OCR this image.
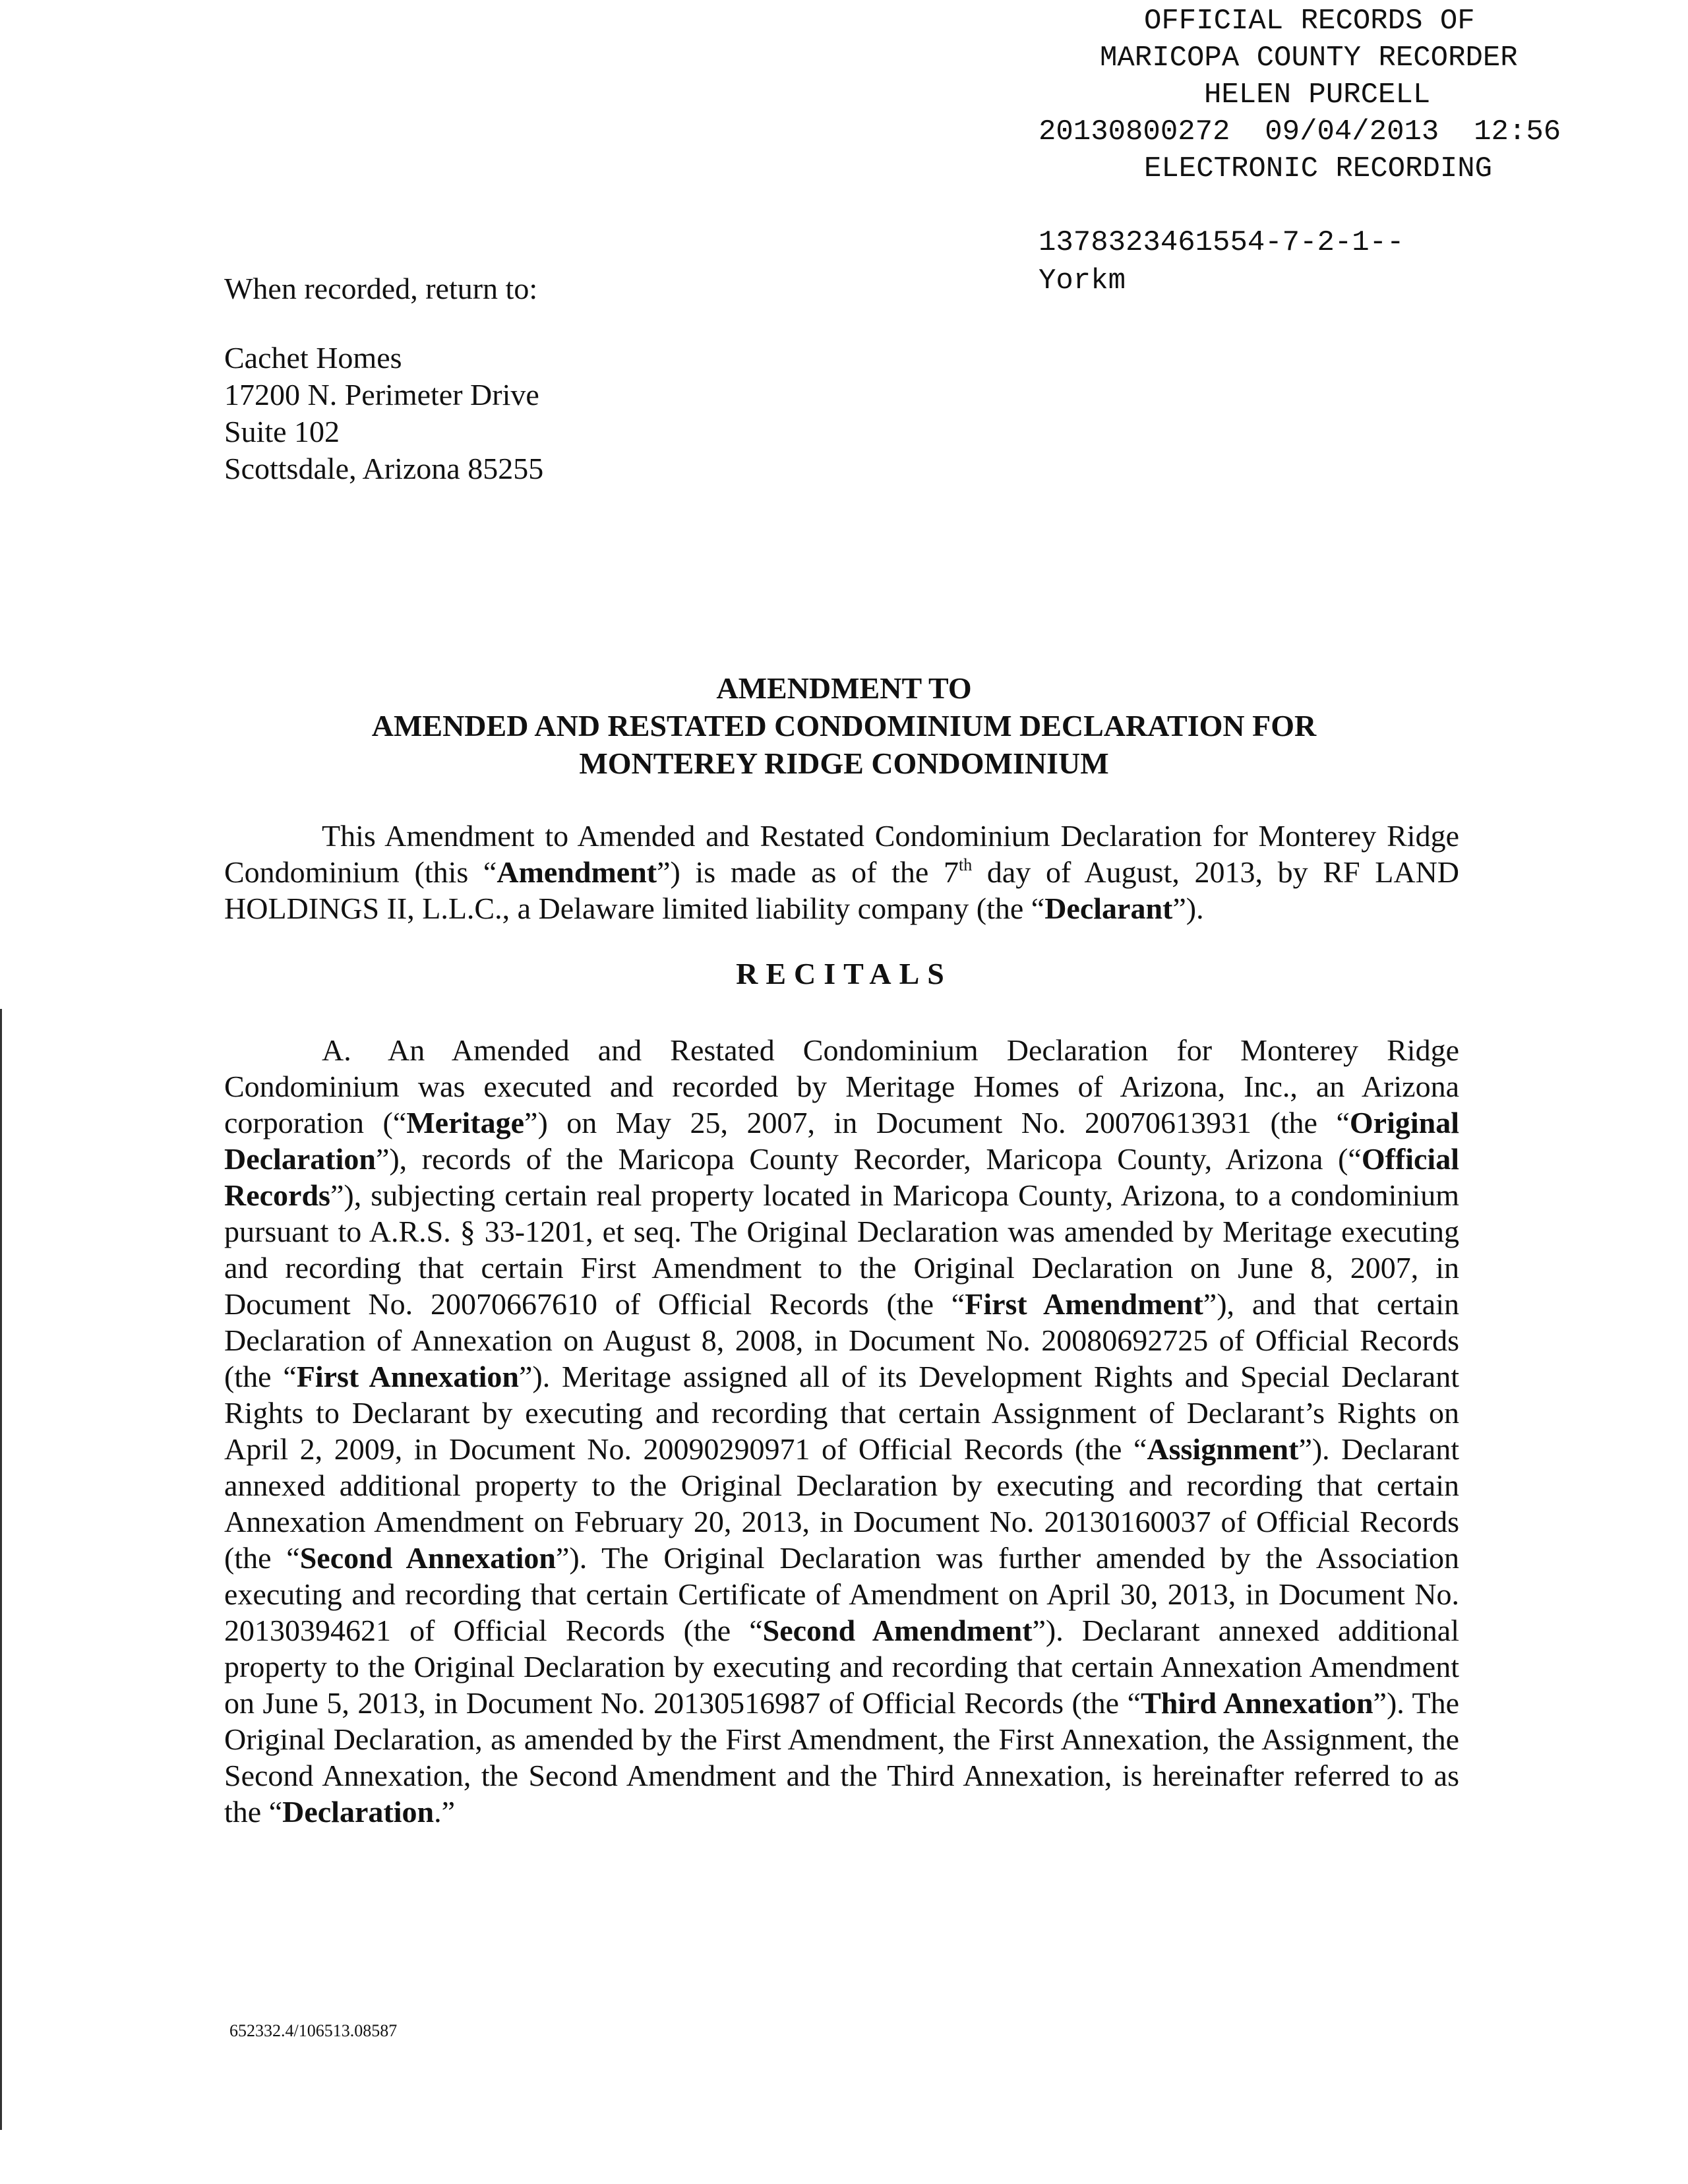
OFFICIAL RECORDS OF
MARICOPA COUNTY RECORDER
HELEN PURCELL
20130800272  09/04/2013  12:56
ELECTRONIC RECORDING
1378323461554-7-2-1--
Yorkm
When recorded, return to:
Cachet Homes
17200 N. Perimeter Drive
Suite 102
Scottsdale, Arizona 85255
AMENDMENT TO
AMENDED AND RESTATED CONDOMINIUM DECLARATION FOR
MONTEREY RIDGE CONDOMINIUM
This Amendment to Amended and Restated Condominium Declaration for Monterey Ridge Condominium (this “Amendment”) is made as of the 7th day of August, 2013, by RF LAND HOLDINGS II, L.L.C., a Delaware limited liability company (the “Declarant”).
RECITALS
A. An Amended and Restated Condominium Declaration for Monterey Ridge Condominium was executed and recorded by Meritage Homes of Arizona, Inc., an Arizona corporation (“Meritage”) on May 25, 2007, in Document No. 20070613931 (the “Original Declaration”), records of the Maricopa County Recorder, Maricopa County, Arizona (“Official Records”), subjecting certain real property located in Maricopa County, Arizona, to a condominium pursuant to A.R.S. § 33-1201, et seq. The Original Declaration was amended by Meritage executing and recording that certain First Amendment to the Original Declaration on June 8, 2007, in Document No. 20070667610 of Official Records (the “First Amendment”), and that certain Declaration of Annexation on August 8, 2008, in Document No. 20080692725 of Official Records (the “First Annexation”). Meritage assigned all of its Development Rights and Special Declarant Rights to Declarant by executing and recording that certain Assignment of Declarant’s Rights on April 2, 2009, in Document No. 20090290971 of Official Records (the “Assignment”). Declarant annexed additional property to the Original Declaration by executing and recording that certain Annexation Amendment on February 20, 2013, in Document No. 20130160037 of Official Records (the “Second Annexation”). The Original Declaration was further amended by the Association executing and recording that certain Certificate of Amendment on April 30, 2013, in Document No. 20130394621 of Official Records (the “Second Amendment”). Declarant annexed additional property to the Original Declaration by executing and recording that certain Annexation Amendment on June 5, 2013, in Document No. 20130516987 of Official Records (the “Third Annexation”). The Original Declaration, as amended by the First Amendment, the First Annexation, the Assignment, the Second Annexation, the Second Amendment and the Third Annexation, is hereinafter referred to as the “Declaration.”
652332.4/106513.08587
